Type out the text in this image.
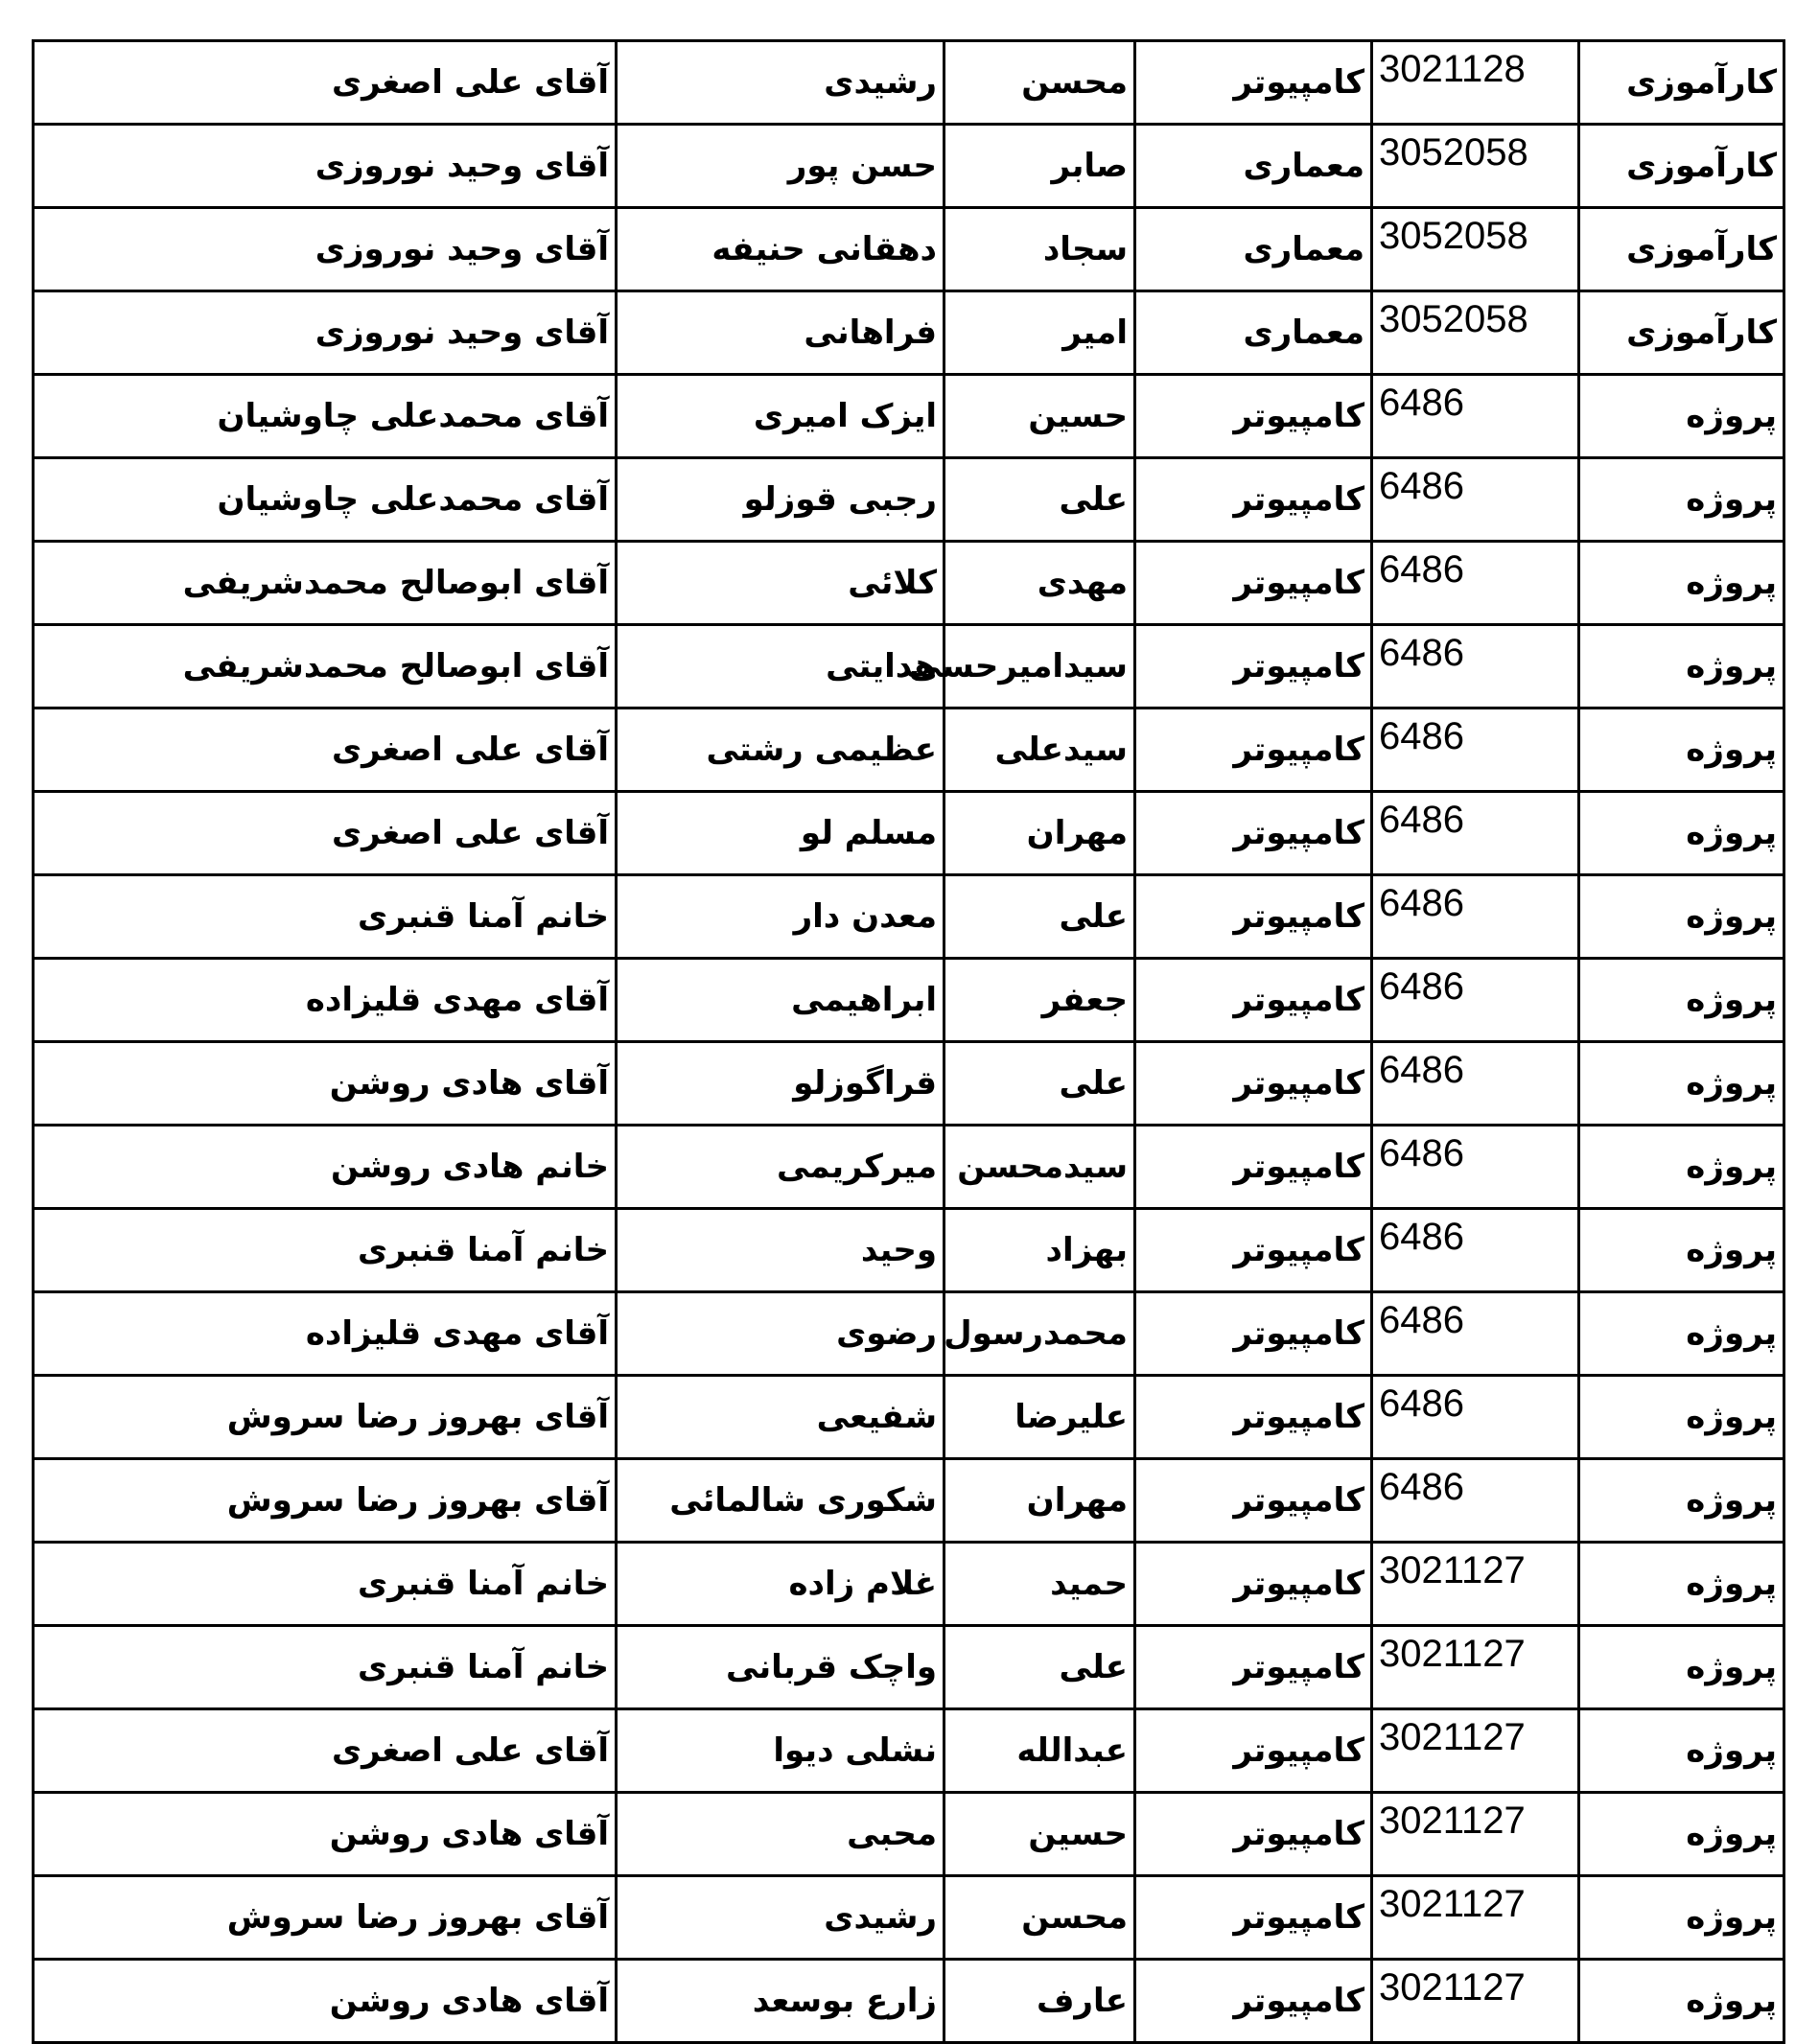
کارآموزی	3021128	کامپیوتر	محسن	رشیدی	آقای علی اصغری
کارآموزی	3052058	معماری	صابر	حسن پور	آقای وحید نوروزی
کارآموزی	3052058	معماری	سجاد	دهقانی حنیفه	آقای وحید نوروزی
کارآموزی	3052058	معماری	امیر	فراهانی	آقای وحید نوروزی
پروژه	6486	کامپیوتر	حسین	ایزک امیری	آقای محمدعلی چاوشیان
پروژه	6486	کامپیوتر	علی	رجبی قوزلو	آقای محمدعلی چاوشیان
پروژه	6486	کامپیوتر	مهدی	کلائی	آقای ابوصالح محمدشریفی
پروژه	6486	کامپیوتر	سیدامیرحسی	هدایتی	آقای ابوصالح محمدشریفی
پروژه	6486	کامپیوتر	سیدعلی	عظیمی رشتی	آقای علی اصغری
پروژه	6486	کامپیوتر	مهران	مسلم لو	آقای علی اصغری
پروژه	6486	کامپیوتر	علی	معدن دار	خانم آمنا قنبری
پروژه	6486	کامپیوتر	جعفر	ابراهیمی	آقای مهدی قلیزاده
پروژه	6486	کامپیوتر	علی	قراگوزلو	آقای هادی روشن
پروژه	6486	کامپیوتر	سیدمحسن	میرکریمی	خانم هادی روشن
پروژه	6486	کامپیوتر	بهزاد	وحید	خانم آمنا قنبری
پروژه	6486	کامپیوتر	محمدرسول	رضوی	آقای مهدی قلیزاده
پروژه	6486	کامپیوتر	علیرضا	شفیعی	آقای بهروز رضا سروش
پروژه	6486	کامپیوتر	مهران	شکوری شالمائی	آقای بهروز رضا سروش
پروژه	3021127	کامپیوتر	حمید	غلام زاده	خانم آمنا قنبری
پروژه	3021127	کامپیوتر	علی	واچک قربانی	خانم آمنا قنبری
پروژه	3021127	کامپیوتر	عبدالله	نشلی دیوا	آقای علی اصغری
پروژه	3021127	کامپیوتر	حسین	محبی	آقای هادی روشن
پروژه	3021127	کامپیوتر	محسن	رشیدی	آقای بهروز رضا سروش
پروژه	3021127	کامپیوتر	عارف	زارع بوسعد	آقای هادی روشن
